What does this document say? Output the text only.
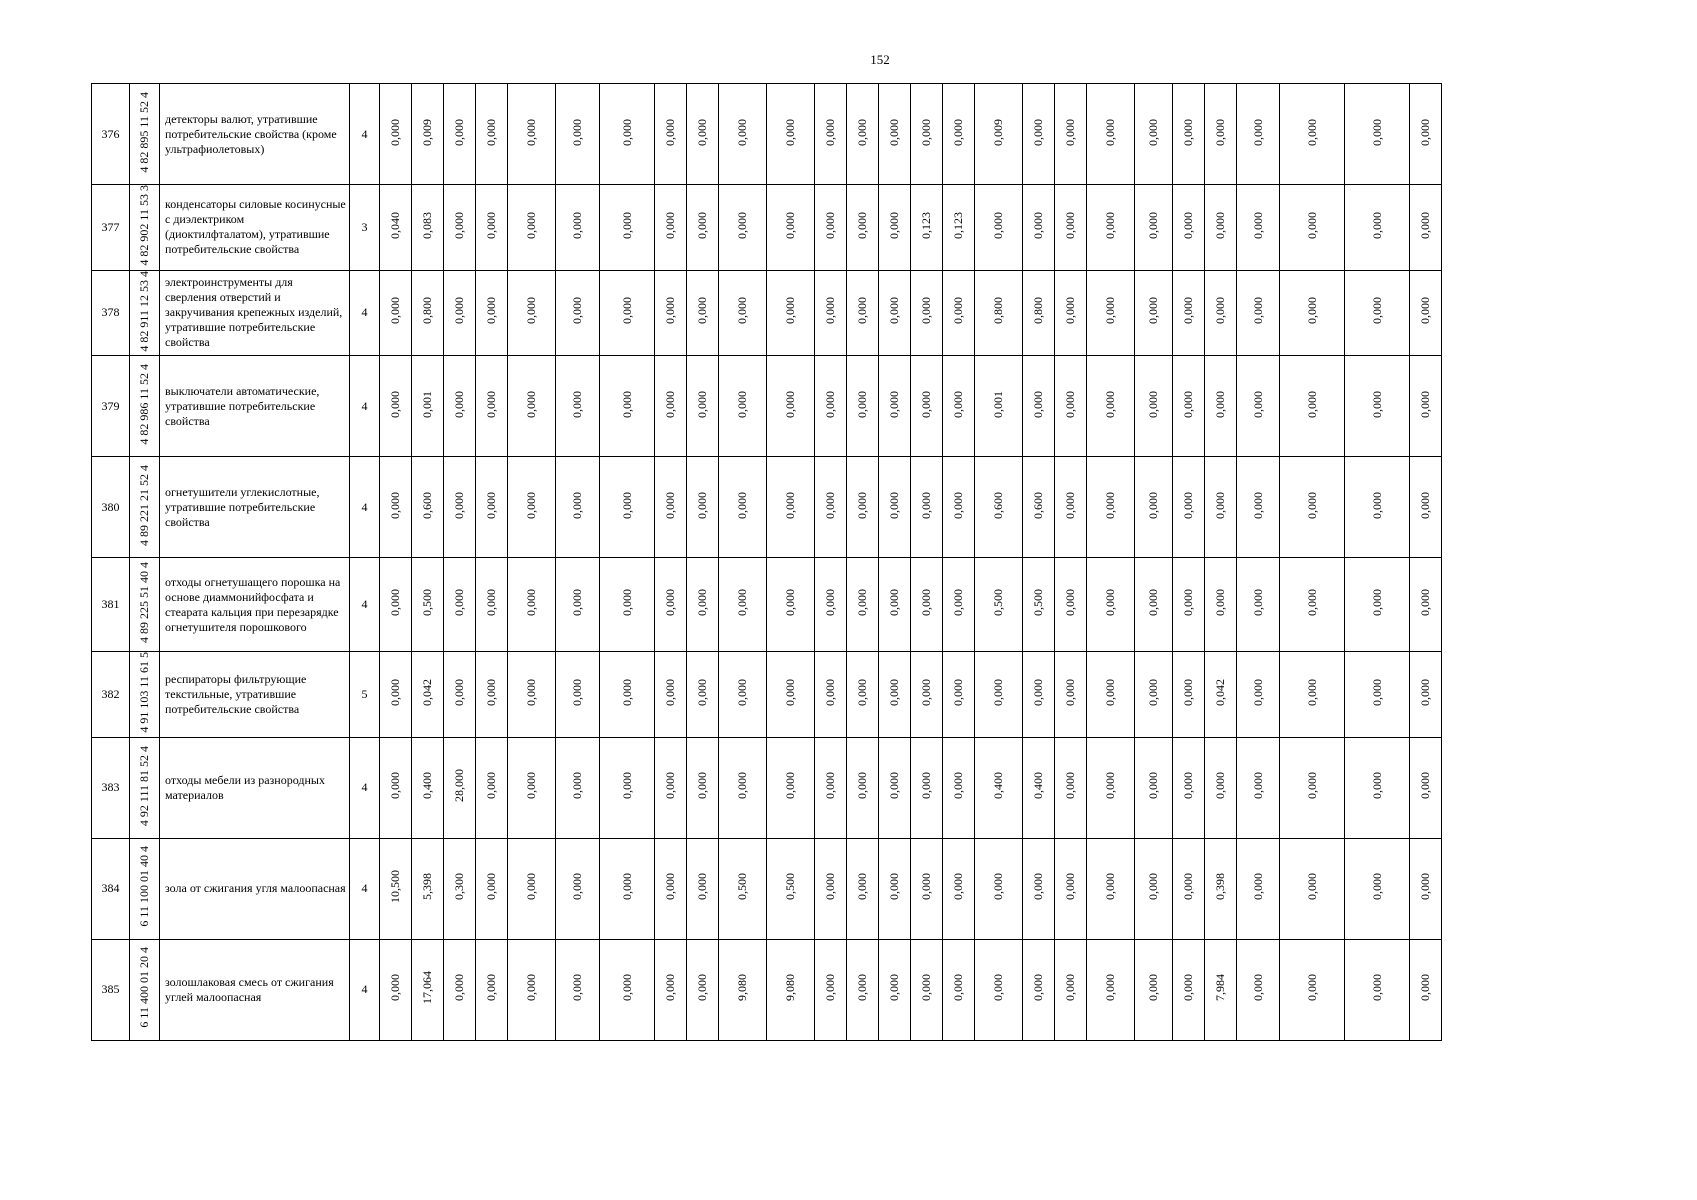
152
376	4 82 895 11 52 4	детекторы валют, утратившие потребительские свойства (кроме ультрафиолетовых)	4	0,000	0,009	0,000	0,000	0,000	0,000	0,000	0,000	0,000	0,000	0,000	0,000	0,000	0,000	0,000	0,000	0,009	0,000	0,000	0,000	0,000	0,000	0,000	0,000	0,000	0,000	0,000		
377	4 82 902 11 53 3	конденсаторы силовые косинусные с диэлектриком (диоктилфталатом), утратившие потребительские свойства	3	0,040	0,083	0,000	0,000	0,000	0,000	0,000	0,000	0,000	0,000	0,000	0,000	0,000	0,000	0,123	0,123	0,000	0,000	0,000	0,000	0,000	0,000	0,000	0,000	0,000	0,000	0,000		
378	4 82 911 12 53 4	электроинструменты для сверления отверстий и закручивания крепежных изделий, утратившие потребительские свойства	4	0,000	0,800	0,000	0,000	0,000	0,000	0,000	0,000	0,000	0,000	0,000	0,000	0,000	0,000	0,000	0,000	0,800	0,800	0,000	0,000	0,000	0,000	0,000	0,000	0,000	0,000	0,000		
379	4 82 986 11 52 4	выключатели автоматические, утратившие потребительские свойства	4	0,000	0,001	0,000	0,000	0,000	0,000	0,000	0,000	0,000	0,000	0,000	0,000	0,000	0,000	0,000	0,000	0,001	0,000	0,000	0,000	0,000	0,000	0,000	0,000	0,000	0,000	0,000		
380	4 89 221 21 52 4	огнетушители углекислотные, утратившие потребительские свойства	4	0,000	0,600	0,000	0,000	0,000	0,000	0,000	0,000	0,000	0,000	0,000	0,000	0,000	0,000	0,000	0,000	0,600	0,600	0,000	0,000	0,000	0,000	0,000	0,000	0,000	0,000	0,000		
381	4 89 225 51 40 4	отходы огнетушащего порошка на основе диаммонийфосфата и стеарата кальция при перезарядке огнетушителя порошкового	4	0,000	0,500	0,000	0,000	0,000	0,000	0,000	0,000	0,000	0,000	0,000	0,000	0,000	0,000	0,000	0,000	0,500	0,500	0,000	0,000	0,000	0,000	0,000	0,000	0,000	0,000	0,000		
382	4 91 103 11 61 5	респираторы фильтрующие текстильные, утратившие потребительские свойства	5	0,000	0,042	0,000	0,000	0,000	0,000	0,000	0,000	0,000	0,000	0,000	0,000	0,000	0,000	0,000	0,000	0,000	0,000	0,000	0,000	0,000	0,000	0,042	0,000	0,000	0,000	0,000		
383	4 92 111 81 52 4	отходы мебели из разнородных материалов	4	0,000	0,400	28,000	0,000	0,000	0,000	0,000	0,000	0,000	0,000	0,000	0,000	0,000	0,000	0,000	0,000	0,400	0,400	0,000	0,000	0,000	0,000	0,000	0,000	0,000	0,000	0,000		
384	6 11 100 01 40 4	зола от сжигания угля малоопасная	4	10,500	5,398	0,300	0,000	0,000	0,000	0,000	0,000	0,000	0,500	0,500	0,000	0,000	0,000	0,000	0,000	0,000	0,000	0,000	0,000	0,000	0,000	0,398	0,000	0,000	0,000	0,000		
385	6 11 400 01 20 4	золошлаковая смесь от сжигания углей малоопасная	4	0,000	17,064	0,000	0,000	0,000	0,000	0,000	0,000	0,000	9,080	9,080	0,000	0,000	0,000	0,000	0,000	0,000	0,000	0,000	0,000	0,000	0,000	7,984	0,000	0,000	0,000	0,000		
